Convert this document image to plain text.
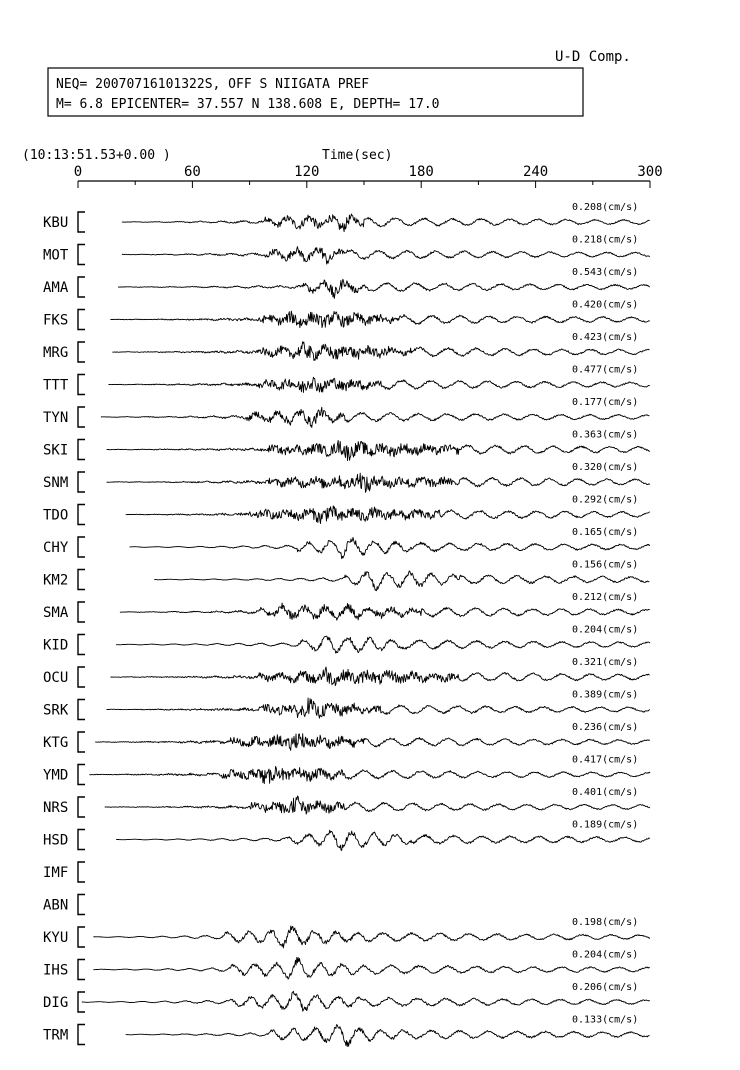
U-D Comp.
NEQ= 20070716101322S, OFF S NIIGATA PREF
M= 6.8 EPICENTER= 37.557 N 138.608 E, DEPTH= 17.0
(10:13:51.53+0.00 )	Time(sec)
0	60	120	180	240	300
KBU
0.208(cm/s)
MOT
0.218(cm/s)
AMA
0.543(cm/s)
FKS
0.420(cm/s)
MRG
0.423(cm/s)
TTT
0.477(cm/s)
TYN
0.177(cm/s)
SKI
0.363(cm/s)
SNM
0.320(cm/s)
TDO
0.292(cm/s)
CHY
0.165(cm/s)
KM2
0.156(cm/s)
SMA
0.212(cm/s)
KID
0.204(cm/s)
OCU
0.321(cm/s)
SRK
0.389(cm/s)
KTG
0.236(cm/s)
YMD
0.417(cm/s)
NRS
0.401(cm/s)
HSD
0.189(cm/s)
IMF
ABN
KYU
0.198(cm/s)
IHS
0.204(cm/s)
DIG
0.206(cm/s)
TRM
0.133(cm/s)
